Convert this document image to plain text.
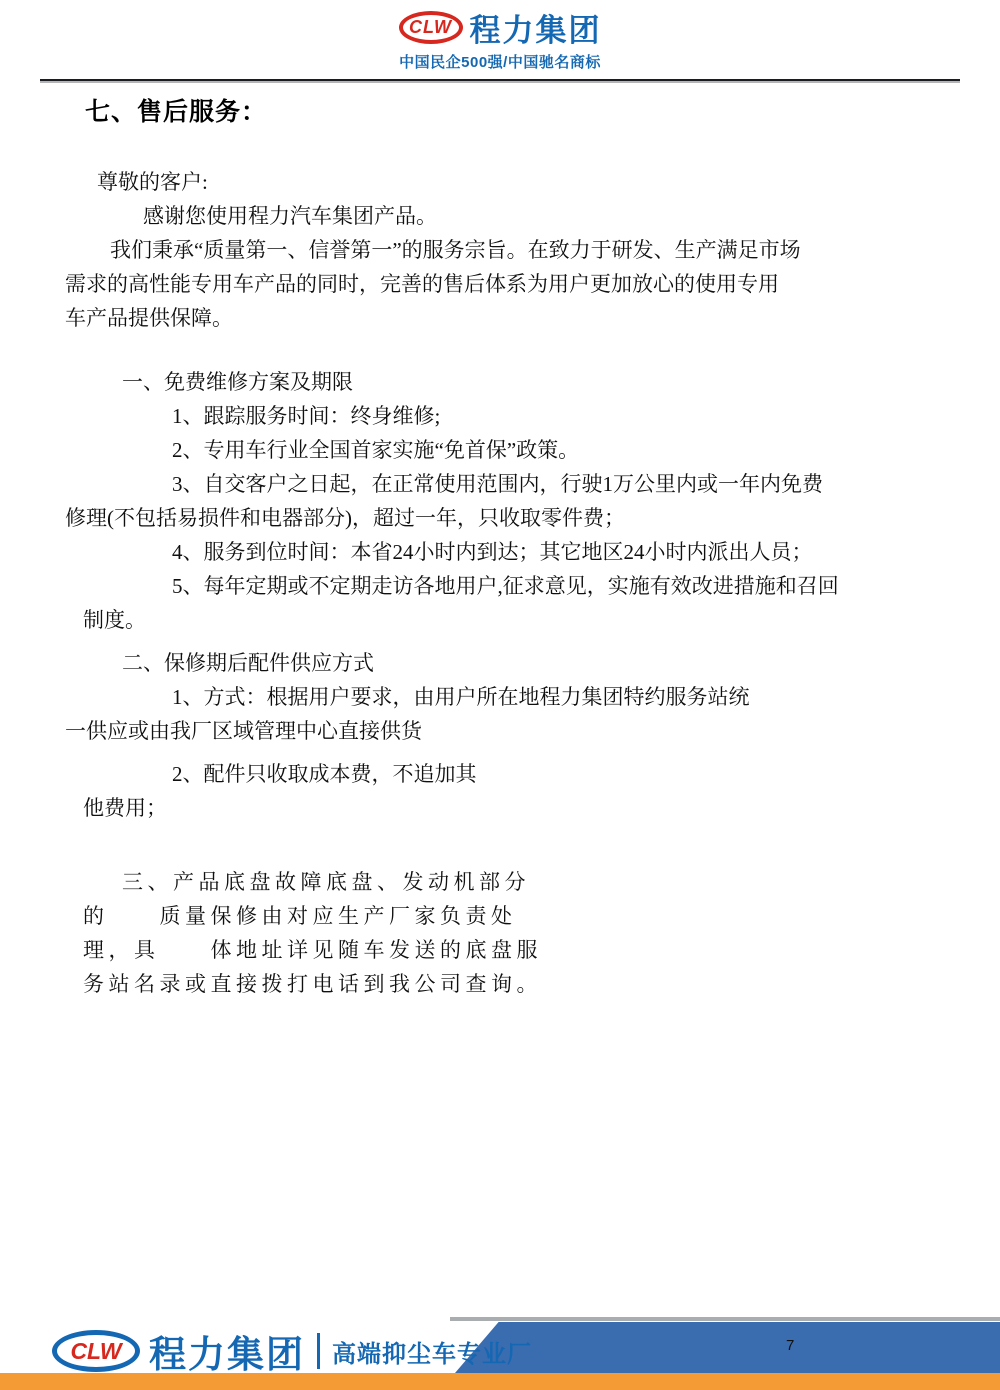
CLW 程力集团
中国民企500强/中国驰名商标
七、售后服务：
尊敬的客户:
感谢您使用程力汽车集团产品。
我们秉承“质量第一、信誉第一”的服务宗旨。在致力于研发、生产满足市场
需求的高性能专用车产品的同时，完善的售后体系为用户更加放心的使用专用
车产品提供保障。
一、免费维修方案及期限
1、跟踪服务时间：终身维修;
2、专用车行业全国首家实施“免首保”政策。
3、自交客户之日起，在正常使用范围内，行驶1万公里内或一年内免费
修理(不包括易损件和电器部分)，超过一年，只收取零件费；
4、服务到位时间：本省24小时内到达；其它地区24小时内派出人员；
5、每年定期或不定期走访各地用户,征求意见，实施有效改进措施和召回
制度。
二、保修期后配件供应方式
1、方式：根据用户要求，由用户所在地程力集团特约服务站统
一供应或由我厂区域管理中心直接供货
2、配件只收取成本费，不追加其
他费用；
三、产品底盘故障底盘、发动机部分
的　　质量保修由对应生产厂家负责处
理，具　　体地址详见随车发送的底盘服
务站名录或直接拨打电话到我公司查询。
7
CLW 程力集团 高端抑尘车专业厂
